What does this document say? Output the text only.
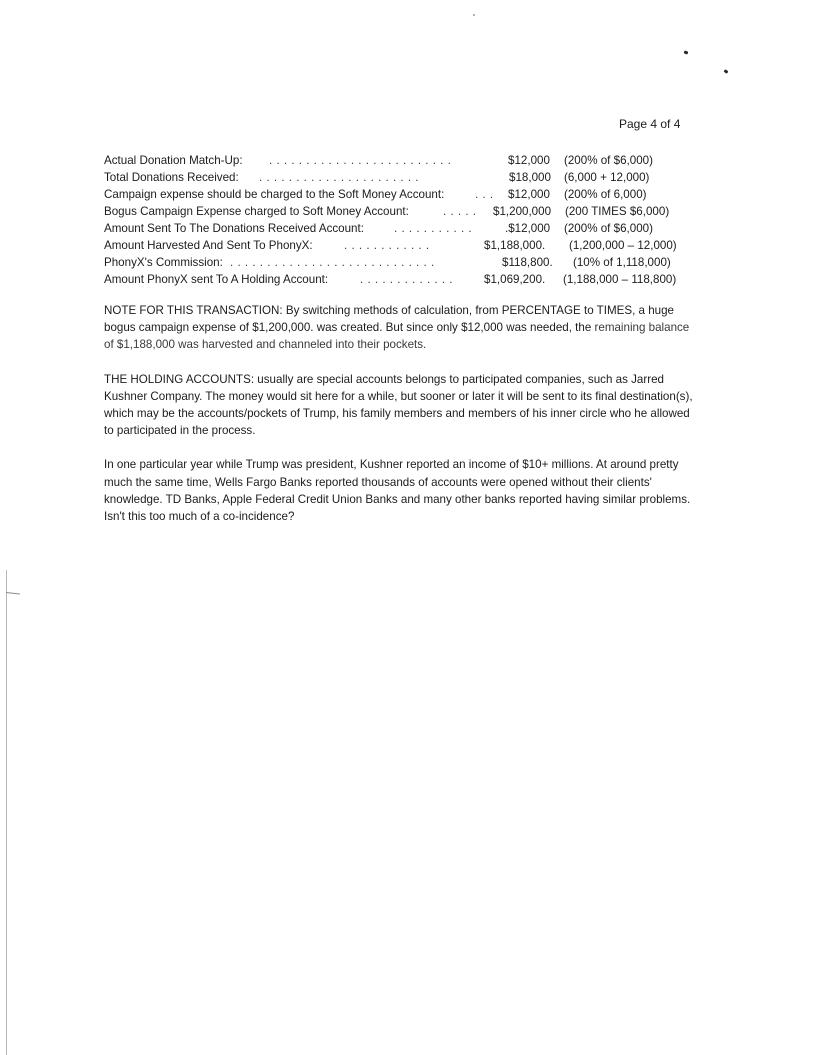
Page 4 of 4
Actual Donation Match-Up: . . . . . . . . . . . . . . . . . . . . . . . . .	$12,000 (200% of $6,000)
Total Donations Received: . . . . . . . . . . . . . . . . . . . . . .	$18,000 (6,000 + 12,000)
Campaign expense should be charged to the Soft Money Account:	. . . $12,000 (200% of 6,000)
Bogus Campaign Expense charged to Soft Money Account:	. . . . . $1,200,000 (200 TIMES $6,000)
Amount Sent To The Donations Received Account:	. . . . . . . . . . .	.$12,000 (200% of $6,000)
Amount Harvested And Sent To PhonyX:	. . . . . . . . . . . .	$1,188,000. (1,200,000 – 12,000)
PhonyX's Commission: . . . . . . . . . . . . . . . . . . . . . . . . . . . .	$118,800. (10% of 1,118,000)
Amount PhonyX sent To A Holding Account:	. . . . . . . . . . . . .	$1,069,200. (1,188,000 – 118,800)

NOTE FOR THIS TRANSACTION: By switching methods of calculation, from PERCENTAGE to TIMES, a huge bogus campaign expense of $1,200,000. was created. But since only $12,000 was needed, the remaining balance of $1,188,000 was harvested and channeled into their pockets.

THE HOLDING ACCOUNTS: usually are special accounts belongs to participated companies, such as Jarred Kushner Company. The money would sit here for a while, but sooner or later it will be sent to its final destination(s), which may be the accounts/pockets of Trump, his family members and members of his inner circle who he allowed to participated in the process.

In one particular year while Trump was president, Kushner reported an income of $10+ millions. At around pretty much the same time, Wells Fargo Banks reported thousands of accounts were opened without their clients' knowledge. TD Banks, Apple Federal Credit Union Banks and many other banks reported having similar problems. Isn't this too much of a co-incidence?
